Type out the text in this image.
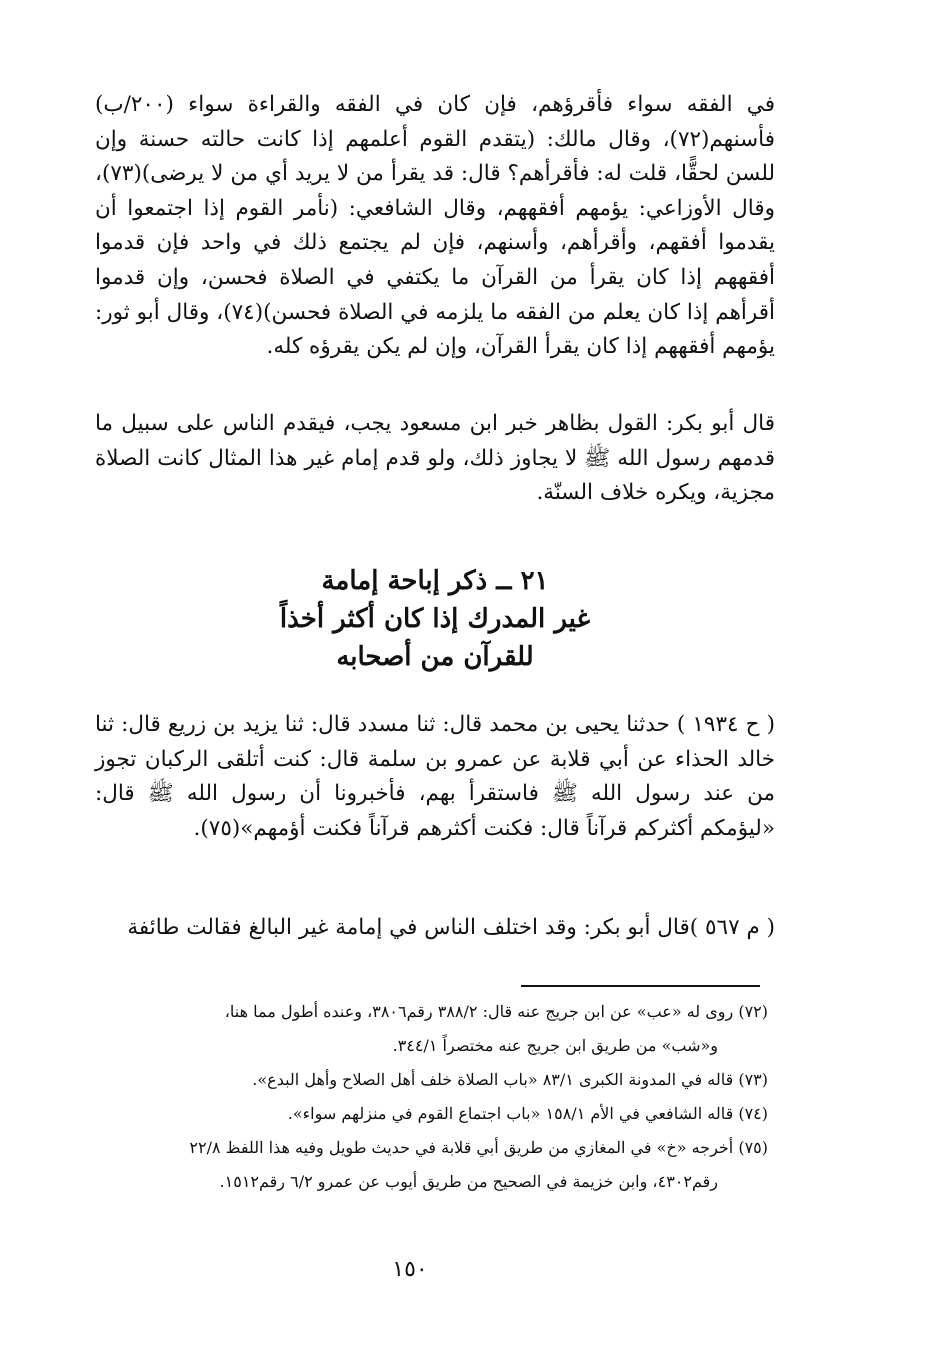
في الفقه سواء فأقرؤهم، فإن كان في الفقه والقراءة سواء (٢٠٠/ب) فأسنهم(٧٢)، وقال مالك: (يتقدم القوم أعلمهم إذا كانت حالته حسنة وإن للسن لحقًّا، قلت له: فأقرأهم؟ قال: قد يقرأ من لا يريد أي من لا يرضى)(٧٣)، وقال الأوزاعي: يؤمهم أفقههم، وقال الشافعي: (نأمر القوم إذا اجتمعوا أن يقدموا أفقهم، وأقرأهم، وأسنهم، فإن لم يجتمع ذلك في واحد فإن قدموا أفقههم إذا كان يقرأ من القرآن ما يكتفي في الصلاة فحسن، وإن قدموا أقرأهم إذا كان يعلم من الفقه ما يلزمه في الصلاة فحسن)(٧٤)، وقال أبو ثور: يؤمهم أفقههم إذا كان يقرأ القرآن، وإن لم يكن يقرؤه كله.

قال أبو بكر: القول بظاهر خبر ابن مسعود يجب، فيقدم الناس على سبيل ما قدمهم رسول الله ﷺ لا يجاوز ذلك، ولو قدم إمام غير هذا المثال كانت الصلاة مجزية، ويكره خلاف السنّة.

٢١ ــ ذكر إباحة إمامة
غير المدرك إذا كان أكثر أخذاً
للقرآن من أصحابه

( ح ١٩٣٤ ) حدثنا يحيى بن محمد قال: ثنا مسدد قال: ثنا يزيد بن زريع قال: ثنا خالد الحذاء عن أبي قلابة عن عمرو بن سلمة قال: كنت أتلقى الركبان تجوز من عند رسول الله ﷺ فاستقرأ بهم، فأخبرونا أن رسول الله ﷺ قال: «ليؤمكم أكثركم قرآناً قال: فكنت أكثرهم قرآناً فكنت أؤمهم»(٧٥).

( م ٥٦٧ )قال أبو بكر: وقد اختلف الناس في إمامة غير البالغ فقالت طائفة

(٧٢) روى له «عب» عن ابن جريج عنه قال: ٣٨٨/٢ رقم٣٨٠٦، وعنده أطول مما هنا،
و«شب» من طريق ابن جريج عنه مختصراً ٣٤٤/١.

(٧٣) قاله في المدونة الكبرى ٨٣/١ «باب الصلاة خلف أهل الصلاح وأهل البدع».

(٧٤) قاله الشافعي في الأم ١٥٨/١ «باب اجتماع القوم في منزلهم سواء».

(٧٥) أخرجه «خ» في المغازي من طريق أبي قلابة في حديث طويل وفيه هذا اللفظ ٢٢/٨
رقم٤٣٠٢، وابن خزيمة في الصحيح من طريق أيوب عن عمرو ٦/٢ رقم١٥١٢.

١٥٠
